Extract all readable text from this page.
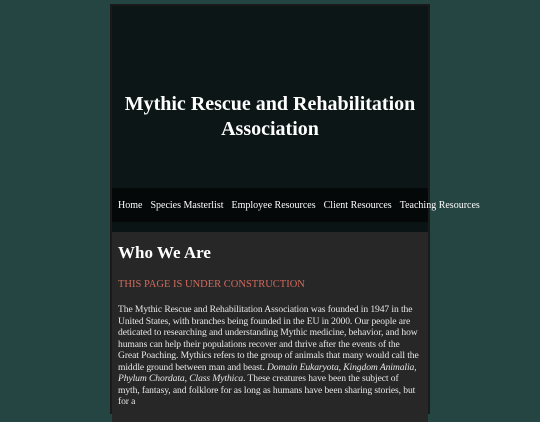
Mythic Rescue and Rehabilitation Association
Home Species Masterlist Employee Resources Client Resources Teaching Resources
Who We Are

THIS PAGE IS UNDER CONSTRUCTION

The Mythic Rescue and Rehabilitation Association was founded in 1947 in the United States, with branches being founded in the EU in 2000. Our people are deticated to researching and understanding Mythic medicine, behavior, and how humans can help their populations recover and thrive after the events of the Great Poaching. Mythics refers to the group of animals that many would call the middle ground between man and beast. Domain Eukaryota, Kingdom Animalia, Phylum Chordata, Class Mythica. These creatures have been the subject of myth, fantasy, and folklore for as long as humans have been sharing stories, but for a
